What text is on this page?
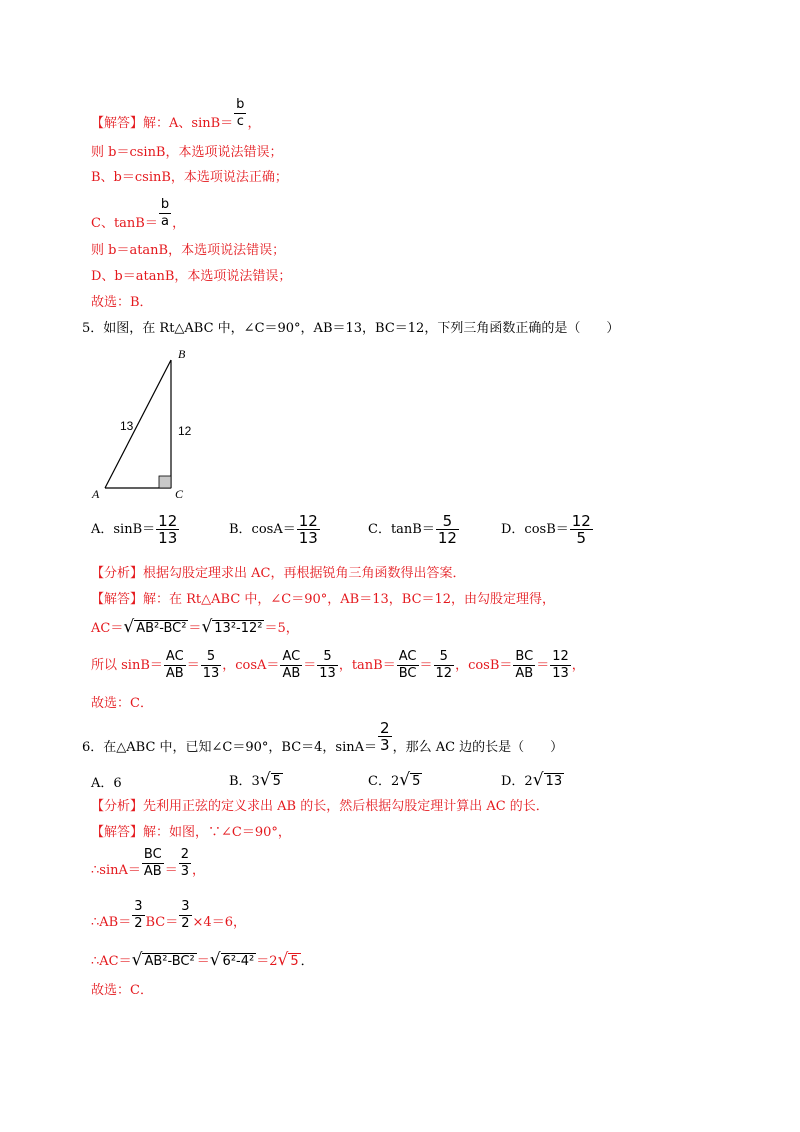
【解答】解：A、$\sin B= \frac{b}{c}$ ，
则 b＝csinB，本选项说法错误；
B、b＝csinB，本选项说法正确；
C、$\tan B= \frac{b}{a}$ ，
则 b＝atanB，本选项说法错误；
D、b＝atanB，本选项说法错误；
故选：B．
5．如图，在 Rt△ABC 中，∠C＝90°，AB＝13，BC＝12，下列三角函数正确的是（　　）
B
A	C
13	12
A．$\sin B= \frac{12}{13}$	B．$\cos A= \frac{12}{13}$	C．$\tan B= \frac{5}{12}$	D．$\cos B= \frac{12}{5}$
【分析】根据勾股定理求出 AC，再根据锐角三角函数得出答案．
【解答】解：在 Rt△ABC 中，∠C＝90°，AB＝13，BC＝12，由勾股定理得，
AC＝√ AB²-BC² ＝√ 13²-12² ＝5，
所以 $\sin B= \frac{AC}{AB} = \frac{5}{13}$ ，$\cos A= \frac{AC}{AB} = \frac{5}{13}$ ，$\tan B= \frac{AC}{BC} = \frac{5}{12}$ ，$\cos B= \frac{BC}{AB} = \frac{12}{13}$ ，
故选：C．
6．在△ABC 中，已知∠C＝90°，BC＝4，$\sin A= \frac{2}{3}$ ，那么 AC 边的长是（　　）
A．6	B．3√ 5	C．2√ 5	D．2√ 13
【分析】先利用正弦的定义求出 AB 的长，然后根据勾股定理计算出 AC 的长．
【解答】解：如图，∵∠C＝90°，
∴sinA＝ $\frac{BC}{AB} = \frac{2}{3}$ ，
∴AB＝ $\frac{3}{2} BC= \frac{3}{2} \times 4=6$，
∴AC＝√ AB²-BC² ＝√ 6²-4² ＝2√ 5 ．
故选：C．
